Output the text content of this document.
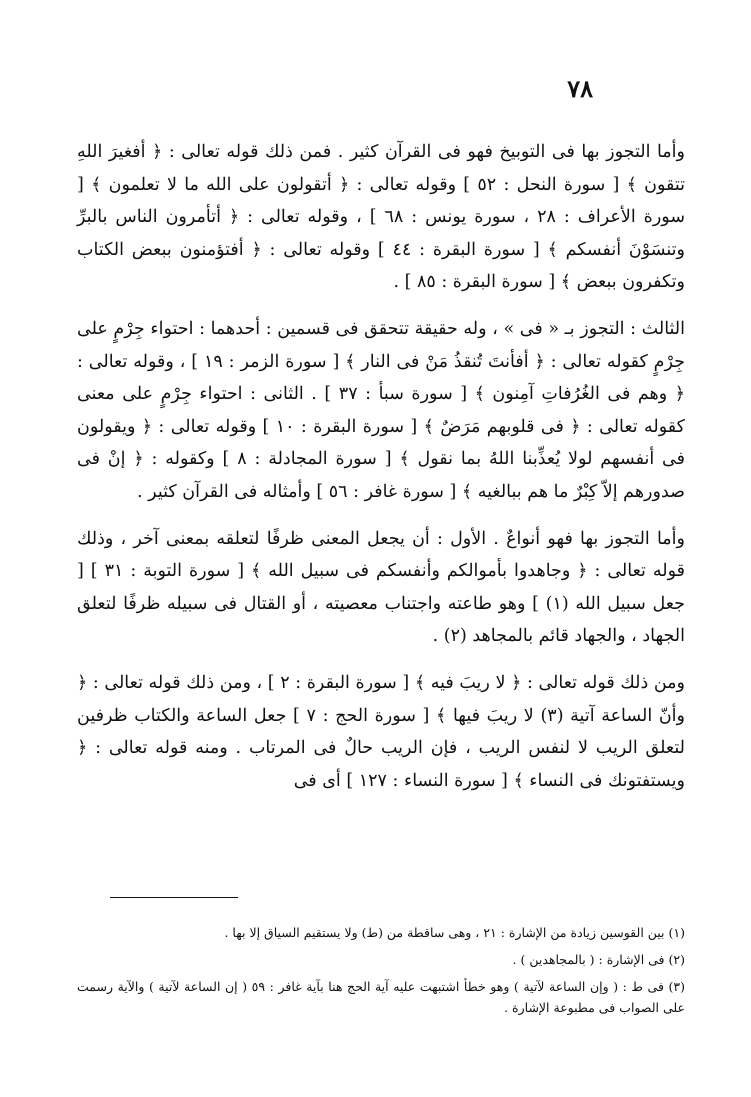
٧٨

وأما التجوز بها فى التوبيخ فهو فى القرآن كثير . فمن ذلك قوله تعالى : ﴿ أفغيرَ اللهِ تتقون ﴾ [ سورة النحل : ٥٢ ] وقوله تعالى : ﴿ أتقولون على الله ما لا تعلمون ﴾ [ سورة الأعراف : ٢٨ ، سورة يونس : ٦٨ ] ، وقوله تعالى : ﴿ أتأمرون الناس بالبرِّ وتنسَوْنَ أنفسكم ﴾ [ سورة البقرة : ٤٤ ] وقوله تعالى : ﴿ أفتؤمنون ببعض الكتاب وتكفرون ببعض ﴾ [ سورة البقرة : ٨٥ ] .

الثالث : التجوز بـ « فى » ، وله حقيقة تتحقق فى قسمين : أحدهما : احتواء جِرْمٍ على جِرْمٍ كقوله تعالى : ﴿ أفأنتَ تُنقذُ مَنْ فى النار ﴾ [ سورة الزمر : ١٩ ] ، وقوله تعالى : ﴿ وهم فى الغُرُفاتِ آمِنون ﴾ [ سورة سبأ : ٣٧ ] . الثانى : احتواء جِرْمٍ على معنى كقوله تعالى : ﴿ فى قلوبهم مَرَضٌ ﴾ [ سورة البقرة : ١٠ ] وقوله تعالى : ﴿ ويقولون فى أنفسهم لولا يُعذِّبنا اللهُ بما نقول ﴾ [ سورة المجادلة : ٨ ] وكقوله : ﴿ إنْ فى صدورهم إلاّ كِبْرٌ ما هم ببالغيه ﴾ [ سورة غافر : ٥٦ ] وأمثاله فى القرآن كثير .

وأما التجوز بها فهو أنواعٌ . الأول : أن يجعل المعنى ظرفًا لتعلقه بمعنى آخر ، وذلك قوله تعالى : ﴿ وجاهدوا بأموالكم وأنفسكم فى سبيل الله ﴾ [ سورة التوبة : ٣١ ] [ جعل سبيل الله (١) ] وهو طاعته واجتناب معصيته ، أو القتال فى سبيله ظرفًا لتعلق الجهاد ، والجهاد قائم بالمجاهد (٢) .

ومن ذلك قوله تعالى : ﴿ لا ريبَ فيه ﴾ [ سورة البقرة : ٢ ] ، ومن ذلك قوله تعالى : ﴿ وأنّ الساعة آتية (٣) لا ريبَ فيها ﴾ [ سورة الحج : ٧ ] جعل الساعة والكتاب ظرفين لتعلق الريب لا لنفس الريب ، فإن الريب حالٌ فى المرتاب . ومنه قوله تعالى : ﴿ ويستفتونك فى النساء ﴾ [ سورة النساء : ١٢٧ ] أى فى

(١) بين القوسين زيادة من الإشارة : ٢١ ، وهى ساقطة من (ط) ولا يستقيم السياق إلا بها .

(٢) فى الإشارة : ( بالمجاهدين ) .

(٣) فى ط : ( وإن الساعة لآتية ) وهو خطأ اشتبهت عليه آية الحج هنا بآية غافر : ٥٩ ( إن الساعة لآتية ) والآية رسمت على الصواب فى مطبوعة الإشارة .
